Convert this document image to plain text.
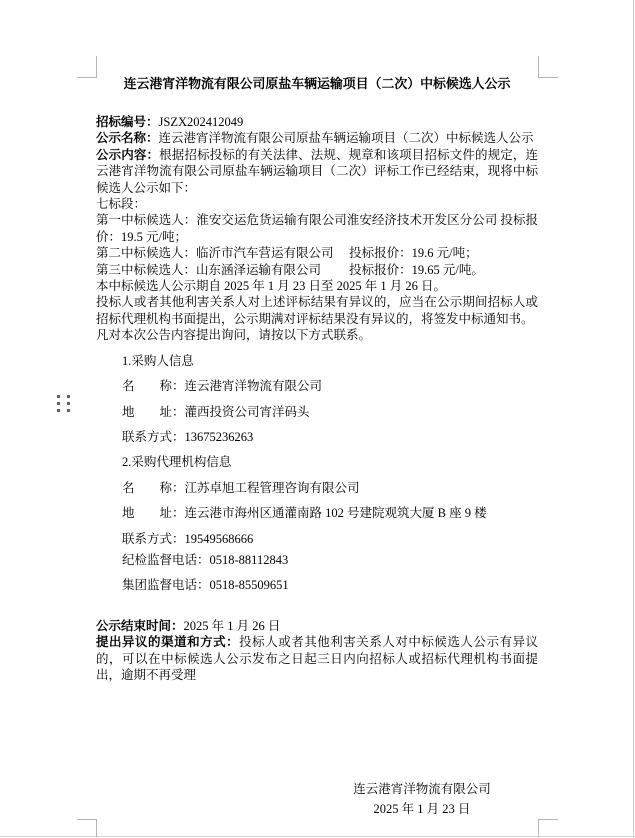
连云港宵洋物流有限公司原盐车辆运输项目（二次）中标候选人公示

招标编号：JSZX202412049

公示名称：连云港宵洋物流有限公司原盐车辆运输项目（二次）中标候选人公示

公示内容：根据招标投标的有关法律、法规、规章和该项目招标文件的规定，连云港宵洋物流有限公司原盐车辆运输项目（二次）评标工作已经结束，现将中标候选人公示如下：

七标段：

第一中标候选人：淮安交运危货运输有限公司淮安经济技术开发区分公司 投标报价：19.5 元/吨；

第二中标候选人：临沂市汽车营运有限公司　 投标报价：19.6 元/吨；

第三中标候选人：山东涵泽运输有限公司　　 投标报价：19.65 元/吨。

本中标候选人公示期自 2025 年 1 月 23 日至 2025 年 1 月 26 日。

投标人或者其他利害关系人对上述评标结果有异议的，应当在公示期间招标人或招标代理机构书面提出，公示期满对评标结果没有异议的，将签发中标通知书。

凡对本次公告内容提出询问，请按以下方式联系。

1.采购人信息

名　　称：连云港宵洋物流有限公司

地　　址：灌西投资公司宵洋码头

联系方式：13675236263

2.采购代理机构信息

名　　称：江苏卓旭工程管理咨询有限公司

地　　址：连云港市海州区通灌南路 102 号建院观筑大厦 B 座 9 楼

联系方式：19549568666

纪检监督电话：0518-88112843

集团监督电话：0518-85509651

公示结束时间：2025 年 1 月 26 日

提出异议的渠道和方式：投标人或者其他利害关系人对中标候选人公示有异议的，可以在中标候选人公示发布之日起三日内向招标人或招标代理机构书面提出，逾期不再受理

连云港宵洋物流有限公司
2025 年 1 月 23 日
